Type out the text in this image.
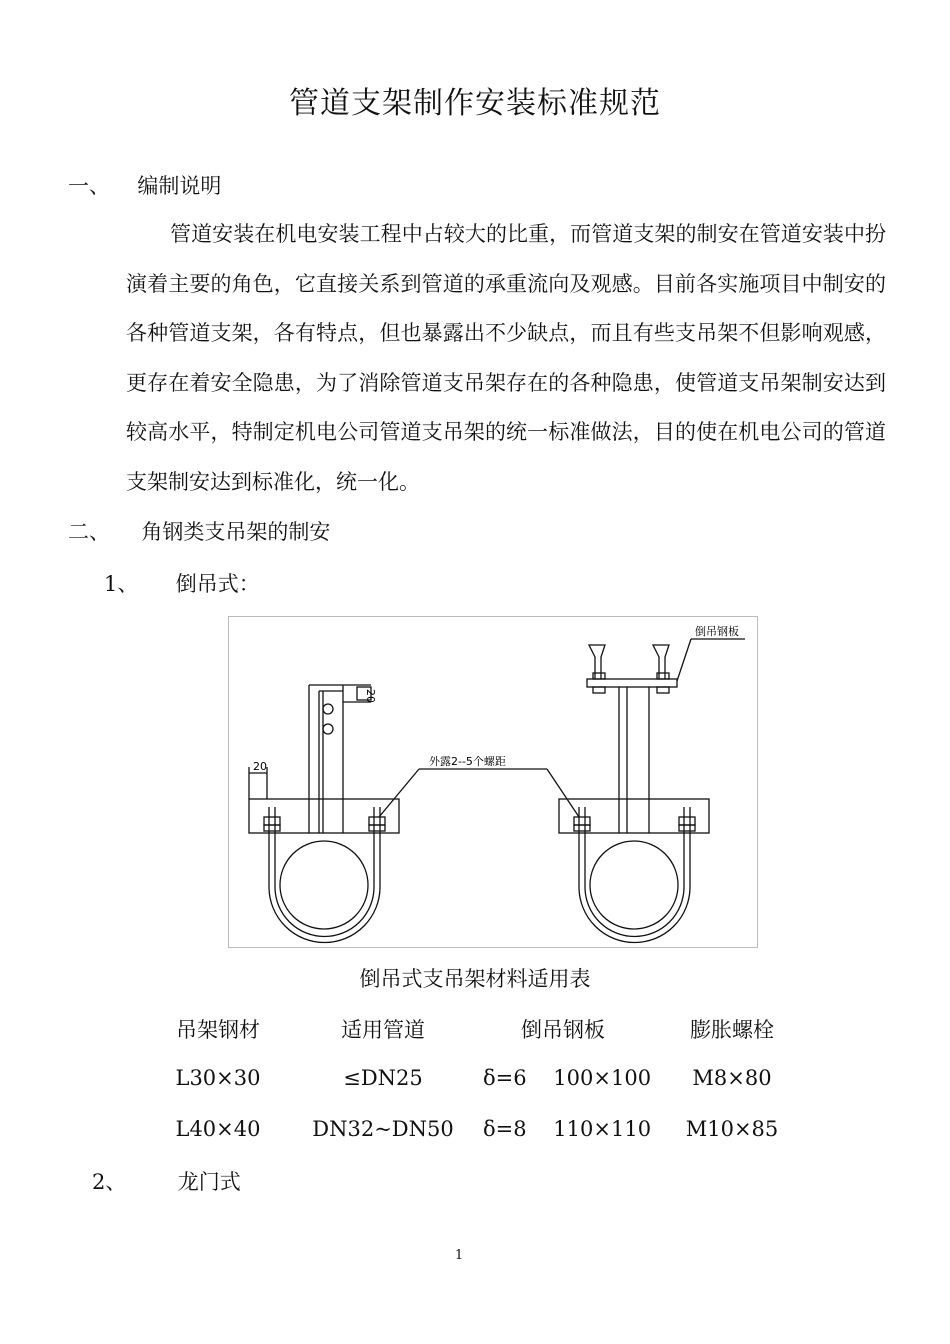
管道支架制作安装标准规范
一、 编制说明
管道安装在机电安装工程中占较大的比重，而管道支架的制安在管道安装中扮演着主要的角色，它直接关系到管道的承重流向及观感。目前各实施项目中制安的各种管道支架，各有特点，但也暴露出不少缺点，而且有些支吊架不但影响观感，更存在着安全隐患，为了消除管道支吊架存在的各种隐患，使管道支吊架制安达到较高水平，特制定机电公司管道支吊架的统一标准做法，目的使在机电公司的管道支架制安达到标准化，统一化。
二、 角钢类支吊架的制安
1、 倒吊式：
倒吊钢板
外露2--5个螺距
20
20
倒吊式支吊架材料适用表
吊架钢材	适用管道	倒吊钢板	膨胀螺栓
L30×30	≤DN25	δ=6    100×100	M8×80
L40×40	DN32~DN50	δ=8    110×110	M10×85
2、 龙门式
1
